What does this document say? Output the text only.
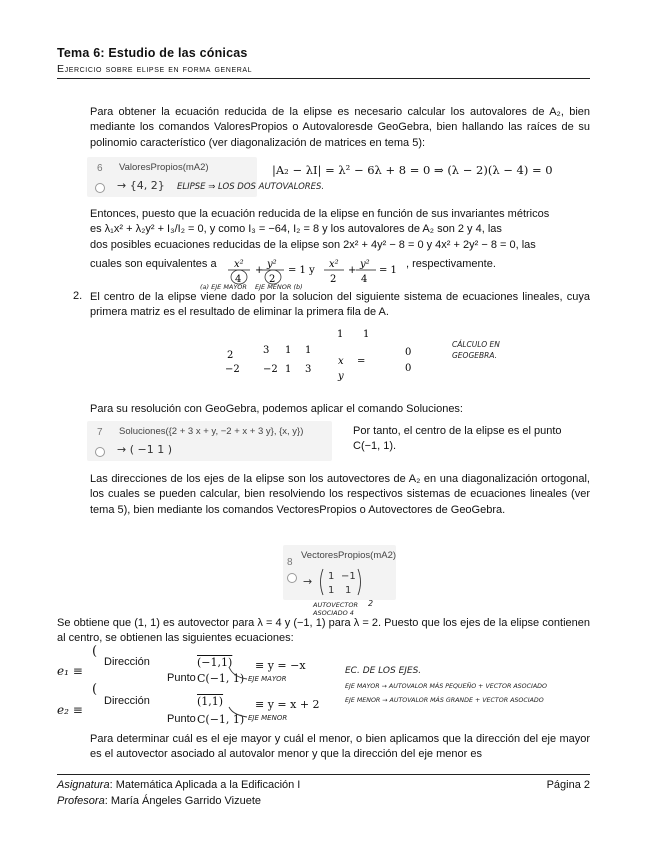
Tema 6: Estudio de las cónicas
Ejercicio sobre elipse en forma general

Para obtener la ecuación reducida de la elipse es necesario calcular los autovalores de A₂, bien mediante los comandos ValoresPropios o Autovaloresde GeoGebra, bien hallando las raíces de su polinomio característico (ver diagonalización de matrices en tema 5):

6 ValoresPropios(mA2)
→ {4, 2} ELIPSE ⇒ LOS DOS AUTOVALORES.
|A₂ − λI| = λ² − 6λ + 8 = 0 ⇒ (λ − 2)(λ − 4) = 0

Entonces, puesto que la ecuación reducida de la elipse en función de sus invariantes métricos

es λ₁x² + λ₂y² + I₃/I₂ = 0, y como I₃ = −64, I₂ = 8 y los autovalores de A₂ son 2 y 4, las

dos posibles ecuaciones reducidas de la elipse son 2x² + 4y² − 8 = 0 y 4x² + 2y² − 8 = 0, las

cuales son equivalentes a x²
4
+
y²
2
= 1 y
x²
2
+
y²
4
= 1
, respectivamente.
(a) EJE MAYOR EJE MENOR (b)
2. El centro de la elipse viene dado por la solucion del siguiente sistema de ecuaciones lineales, cuya primera matriz es el resultado de eliminar la primera fila de A.

2	3 1 1
−2 −2 1 3
1
x
y
1
=
0
0
CÁLCULO EN GEOGEBRA.

Para su resolución con GeoGebra, podemos aplicar el comando Soluciones:

7 Soluciones({2 + 3 x + y, −2 + x + 3 y}, {x, y})
→ ( −1 1 )
Por tanto, el centro de la elipse es el punto C(−1, 1).

Las direcciones de los ejes de la elipse son los autovectores de A₂ en una diagonalización ortogonal, los cuales se pueden calcular, bien resolviendo los respectivos sistemas de ecuaciones lineales (ver tema 5), bien mediante los comandos VectoresPropios o Autovectores de GeoGebra.

8
VectoresPropios(mA2)
→ 1 −1
1 1
AUTOVECTOR ASOCIADO 4
2

Se obtiene que (1, 1) es autovector para λ = 4 y (−1, 1) para λ = 2. Puesto que los ejes de la elipse contienen al centro, se obtienen las siguientes ecuaciones:

e₁ ≡
(
Dirección	(−1,1) ≡ y = −x
Punto C(−1, 1)
e₂ ≡
(
Dirección	(1,1)	≡ y = x + 2
Punto C(−1, 1)
EJE MAYOR
EJE MENOR
EC. DE LOS EJES.
EJE MAYOR → AUTOVALOR MÁS PEQUEÑO + VECTOR ASOCIADO
EJE MENOR → AUTOVALOR MÁS GRANDE + VECTOR ASOCIADO

Para determinar cuál es el eje mayor y cuál el menor, o bien aplicamos que la dirección del eje mayor es el autovector asociado al autovalor menor y que la dirección del eje menor es

Asignatura: Matemática Aplicada a la Edificación I
Profesora: María Ángeles Garrido Vizuete
Página 2
